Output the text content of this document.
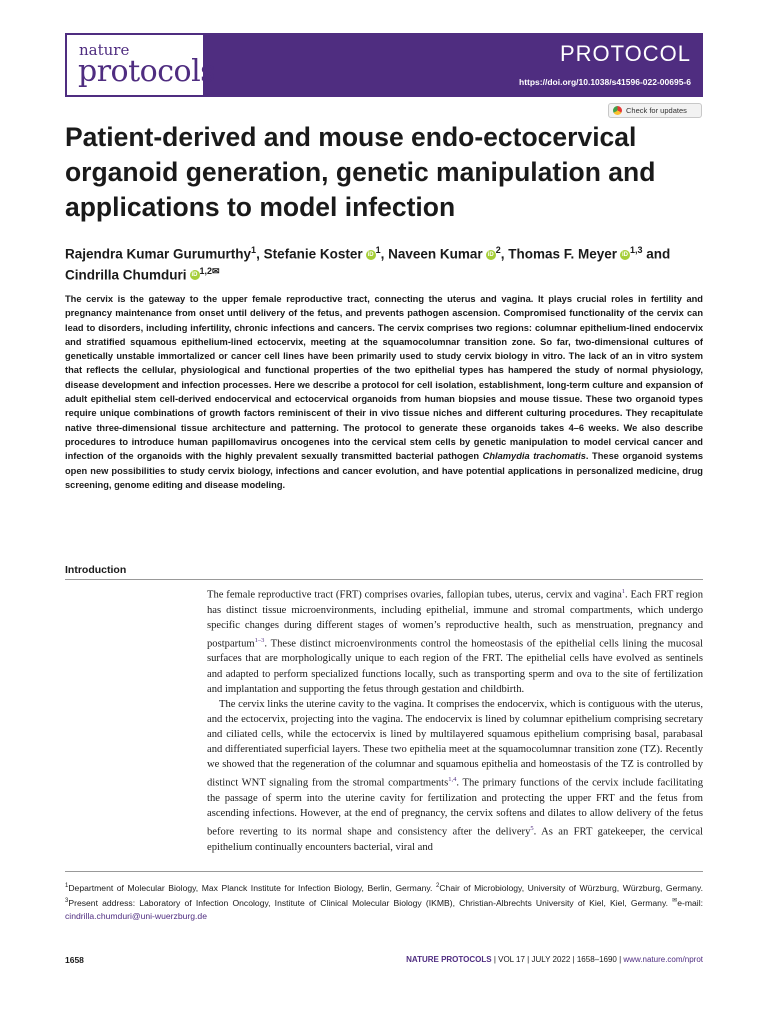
nature
protocols
PROTOCOL
https://doi.org/10.1038/s41596-022-00695-6
Check for updates
Patient-derived and mouse endo-ectocervical organoid generation, genetic manipulation and applications to model infection
Rajendra Kumar Gurumurthy$^1$, Stefanie Koster iD $^1$, Naveen Kumar iD $^2$, Thomas F. Meyer iD $^{1,3}$ and Cindrilla Chumduri iD $^{1,2✉}$

The cervix is the gateway to the upper female reproductive tract, connecting the uterus and vagina. It plays crucial roles in fertility and pregnancy maintenance from onset until delivery of the fetus, and prevents pathogen ascension. Compromised functionality of the cervix can lead to disorders, including infertility, chronic infections and cancers. The cervix comprises two regions: columnar epithelium-lined endocervix and stratified squamous epithelium-lined ectocervix, meeting at the squamocolumnar transition zone. So far, two-dimensional cultures of genetically unstable immortalized or cancer cell lines have been primarily used to study cervix biology in vitro. The lack of an in vitro system that reflects the cellular, physiological and functional properties of the two epithelial types has hampered the study of normal physiology, disease development and infection processes. Here we describe a protocol for cell isolation, establishment, long-term culture and expansion of adult epithelial stem cell-derived endocervical and ectocervical organoids from human biopsies and mouse tissue. These two organoid types require unique combinations of growth factors reminiscent of their in vivo tissue niches and different culturing procedures. They recapitulate native three-dimensional tissue architecture and patterning. The protocol to generate these organoids takes 4–6 weeks. We also describe procedures to introduce human papillomavirus oncogenes into the cervical stem cells by genetic manipulation to model cervical cancer and infection of the organoids with the highly prevalent sexually transmitted bacterial pathogen Chlamydia trachomatis. These organoid systems open new possibilities to study cervix biology, infections and cancer evolution, and have potential applications in personalized medicine, drug screening, genome editing and disease modeling.

Introduction

The female reproductive tract (FRT) comprises ovaries, fallopian tubes, uterus, cervix and vagina$^1$. Each FRT region has distinct tissue microenvironments, including epithelial, immune and stromal compartments, which undergo specific changes during different stages of women’s reproductive health, such as menstruation, pregnancy and postpartum$^{1-3}$. These distinct microenvironments control the homeostasis of the epithelial cells lining the mucosal surfaces that are morphologically unique to each region of the FRT. The epithelial cells have evolved as sentinels and adapted to perform specialized functions locally, such as transporting sperm and ova to the site of fertilization and implantation and supporting the fetus through gestation and childbirth.

The cervix links the uterine cavity to the vagina. It comprises the endocervix, which is contiguous with the uterus, and the ectocervix, projecting into the vagina. The endocervix is lined by columnar epithelium comprising secretary and ciliated cells, while the ectocervix is lined by multilayered squamous epithelium comprising basal, parabasal and differentiated superficial layers. These two epithelia meet at the squamocolumnar transition zone (TZ). Recently we showed that the regeneration of the columnar and squamous epithelia and homeostasis of the TZ is controlled by distinct WNT signaling from the stromal compartments$^{1,4}$. The primary functions of the cervix include facilitating the passage of sperm into the uterine cavity for fertilization and protecting the upper FRT and the fetus from ascending infections. However, at the end of pregnancy, the cervix softens and dilates to allow delivery of the fetus before reverting to its normal shape and consistency after the delivery$^5$. As an FRT gatekeeper, the cervical epithelium continually encounters bacterial, viral and

$^1$Department of Molecular Biology, Max Planck Institute for Infection Biology, Berlin, Germany. $^2$Chair of Microbiology, University of Würzburg, Würzburg, Germany. $^3$Present address: Laboratory of Infection Oncology, Institute of Clinical Molecular Biology (IKMB), Christian-Albrechts University of Kiel, Kiel, Germany. ✉e-mail: cindrilla.chumduri@uni-wuerzburg.de
1658	NATURE PROTOCOLS | VOL 17 | JULY 2022 | 1658–1690 | www.nature.com/nprot
